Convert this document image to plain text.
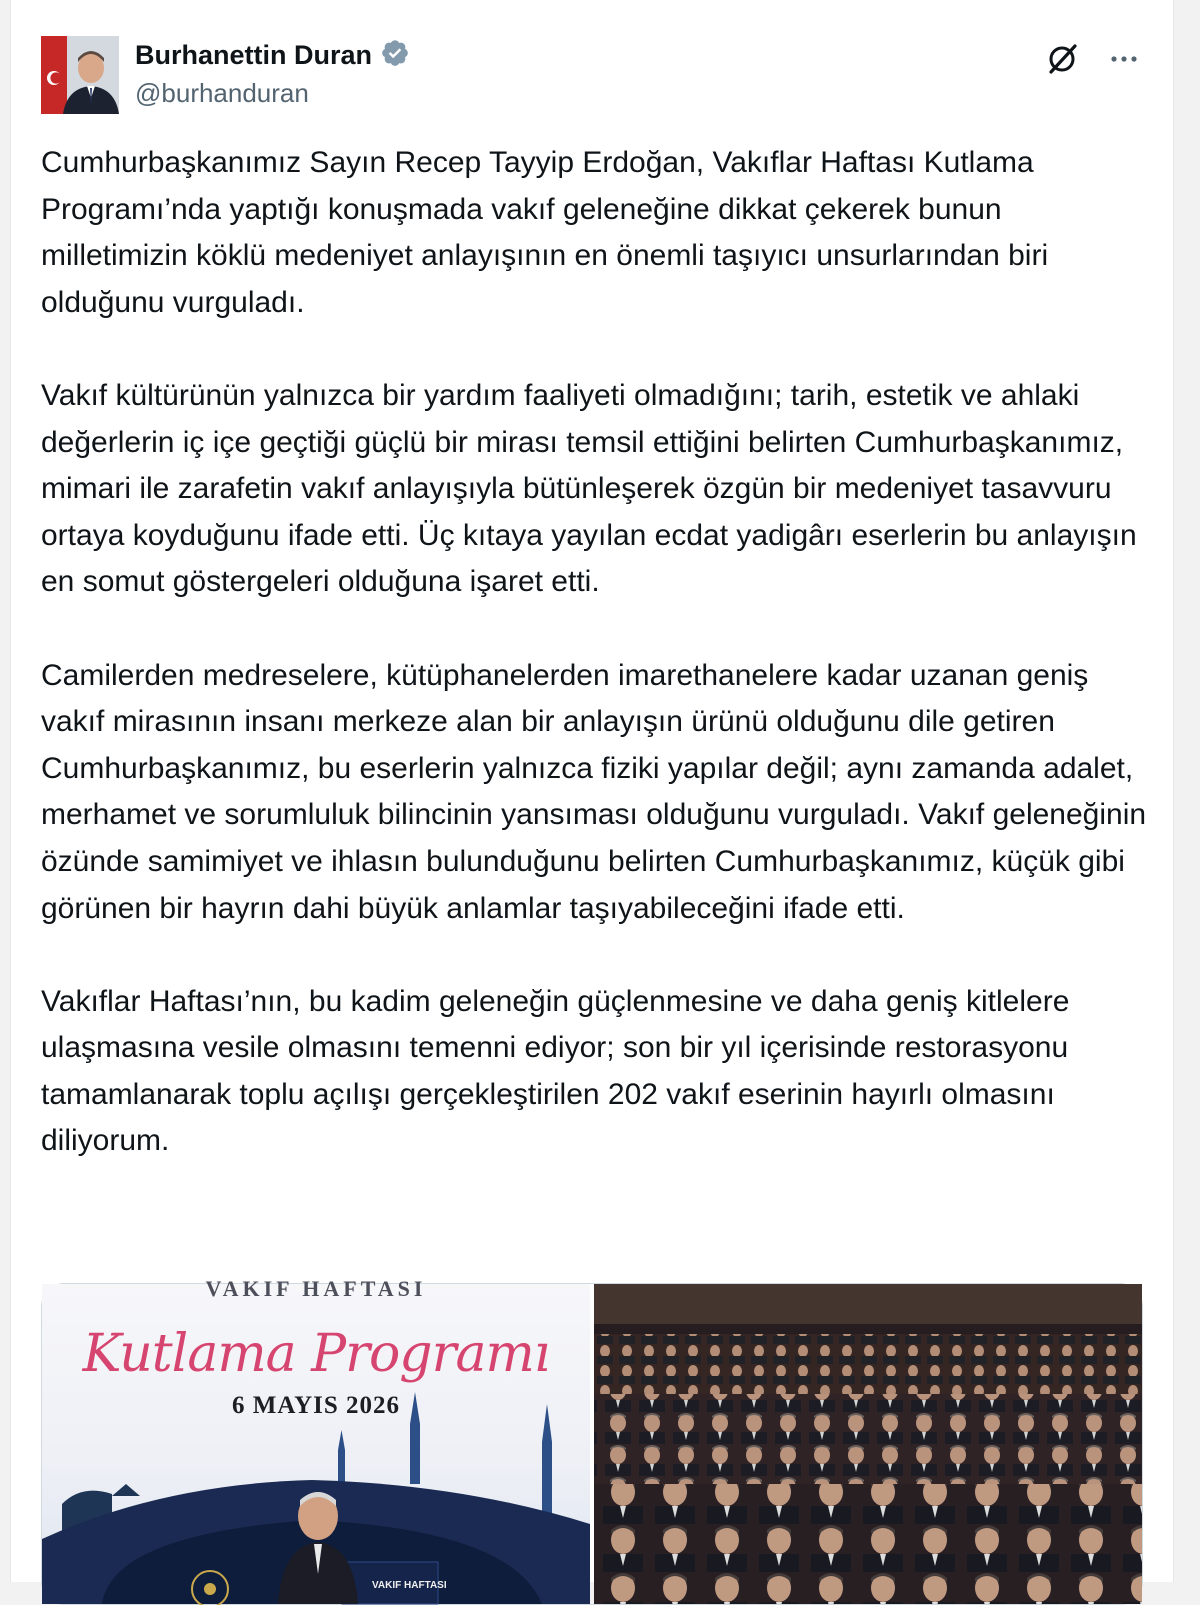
Burhanettin Duran
@burhanduran

Cumhurbaşkanımız Sayın Recep Tayyip Erdoğan, Vakıflar Haftası Kutlama Programı’nda yaptığı konuşmada vakıf geleneğine dikkat çekerek bunun milletimizin köklü medeniyet anlayışının en önemli taşıyıcı unsurlarından biri olduğunu vurguladı.

Vakıf kültürünün yalnızca bir yardım faaliyeti olmadığını; tarih, estetik ve ahlaki değerlerin iç içe geçtiği güçlü bir mirası temsil ettiğini belirten Cumhurbaşkanımız, mimari ile zarafetin vakıf anlayışıyla bütünleşerek özgün bir medeniyet tasavvuru ortaya koyduğunu ifade etti. Üç kıtaya yayılan ecdat yadigârı eserlerin bu anlayışın en somut göstergeleri olduğuna işaret etti.

Camilerden medreselere, kütüphanelerden imarethanelere kadar uzanan geniş vakıf mirasının insanı merkeze alan bir anlayışın ürünü olduğunu dile getiren Cumhurbaşkanımız, bu eserlerin yalnızca fiziki yapılar değil; aynı zamanda adalet, merhamet ve sorumluluk bilincinin yansıması olduğunu vurguladı. Vakıf geleneğinin özünde samimiyet ve ihlasın bulunduğunu belirten Cumhurbaşkanımız, küçük gibi görünen bir hayrın dahi büyük anlamlar taşıyabileceğini ifade etti.

Vakıflar Haftası’nın, bu kadim geleneğin güçlenmesine ve daha geniş kitlelere ulaşmasına vesile olmasını temenni ediyor; son bir yıl içerisinde restorasyonu tamamlanarak toplu açılışı gerçekleştirilen 202 vakıf eserinin hayırlı olmasını diliyorum.

VAKIF HAFTASI
Kutlama Programı
6 MAYIS 2026
VAKIF HAFTASI
